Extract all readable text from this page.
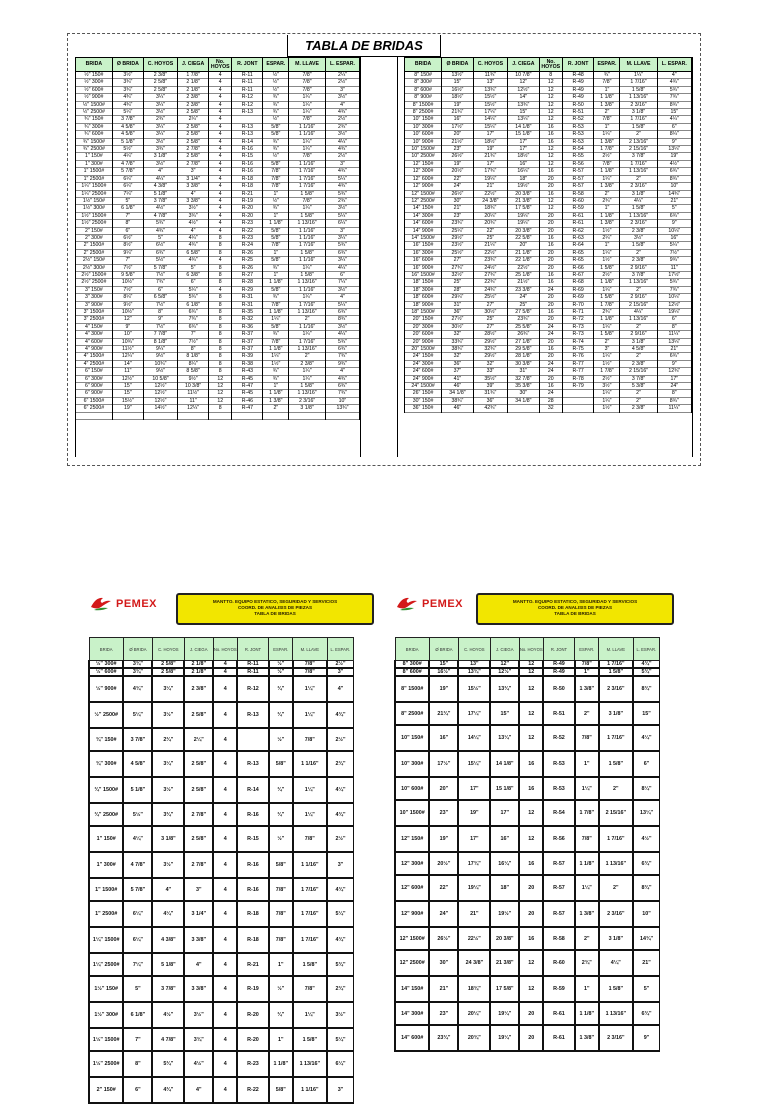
TABLA DE BRIDAS
BRIDA	Ø BRIDA	C. HOYOS	J. CIEGA	No. HOYOS	R. JONT	ESPAR.	M. LLAVE	L. ESPAR.
½" 150#	3½"	2 3/8"	1 7/8"	4	R-11	½"	7/8"	2¼"
½" 300#	3¾"	2 5/8"	2 1/8"	4	R-11	½"	7/8"	2½"
½" 600#	3¾"	2 5/8"	2 1/8"	4	R-11	½"	7/8"	3"
½" 900#	4¾"	3¼"	2 3/8"	4	R-12	¾"	1¼"	3½"
½" 1500#	4¾"	3¼"	2 3/8"	4	R-12	¾"	1¼"	4"
½" 2500#	5¼"	3½"	2 5/8"	4	R-13	¾"	1¼"	4¾"
¾" 150#	3 7/8"	2¾"	2¼"	4		½"	7/8"	2½"
¾" 300#	4 5/8"	3¼"	2 5/8"	4	R-13	5/8"	1 1/16"	2¾"
¾" 600#	4 5/8"	3¼"	2 5/8"	4	R-13	5/8"	1 1/16"	3½"
¾" 1500#	5 1/8"	3½"	2 5/8"	4	R-14	¾"	1¼"	4¼"
¾" 2500#	5½"	3¾"	2 7/8"	4	R-16	¾"	1¼"	4¾"
1" 150#	4¼"	3 1/8"	2 5/8"	4	R-15	½"	7/8"	2½"
1" 300#	4 7/8"	3½"	2 7/8"	4	R-16	5/8"	1 1/16"	3"
1" 1500#	5 7/8"	4"	3"	4	R-16	7/8"	1 7/16"	4¾"
1" 2500#	6¼"	4¼"	3 1/4"	4	R-18	7/8"	1 7/16"	5¼"
1¼" 1500#	6¼"	4 3/8"	3 3/8"	4	R-18	7/8"	1 7/16"	4¾"
1¼" 2500#	7¼"	5 1/8"	4"	4	R-21	1"	1 5/8"	5¾"
1½" 150#	5"	3 7/8"	3 3/8"	4	R-19	½"	7/8"	2¾"
1½" 300#	6 1/8"	4½"	3½"	4	R-20	¾"	1¼"	3½"
1½" 1500#	7"	4 7/8"	3¾"	4	R-20	1"	1 5/8"	5¼"
1½" 2500#	8"	5¾"	4½"	4	R-23	1 1/8"	1 13/16"	6¼"
2" 150#	6"	4¾"	4"	4	R-22	5/8"	1 1/16"	3"
2" 300#	6½"	5"	4¼"	8	R-23	5/8"	1 1/16"	3¼"
2" 1500#	8½"	6½"	4¾"	8	R-24	7/8"	1 7/16"	5¾"
2" 2500#	9¼"	6¾"	6 5/8"	8	R-26	1"	1 5/8"	6¾"
2½" 150#	7"	5½"	4¾"	4	R-25	5/8"	1 1/16"	3¼"
2½" 300#	7½"	5 7/8"	5"	8	R-26	¾"	1¼"	4¼"
2½" 1500#	9 5/8"	7½"	6 3/8"	8	R-27	1"	1 5/8"	6"
2½" 2500#	10½"	7¾"	6"	8	R-28	1 1/8"	1 13/16"	7¼"
3" 150#	7½"	6"	5¼"	4	R-29	5/8"	1 1/16"	3½"
3" 300#	8¼"	6 5/8"	5¾"	8	R-31	¾"	1¼"	4"
3" 900#	9½"	7½"	6 1/8"	8	R-31	7/8"	1 7/16"	5¼"
3" 1500#	10½"	8"	6¾"	8	R-35	1 1/8"	1 13/16"	6¾"
3" 2500#	12"	9"	7¾"	8	R-32	1¼"	2"	8¾"
4" 150#	9"	7½"	6¾"	8	R-36	5/8"	1 1/16"	3½"
4" 300#	10"	7 7/8"	7"	8	R-37	¾"	1¼"	4¼"
4" 600#	10¾"	8 1/8"	7½"	8	R-37	7/8"	1 7/16"	5¾"
4" 900#	11½"	9¼"	8"	8	R-37	1 1/8"	1 13/16"	6¾"
4" 1500#	12¼"	9½"	8 1/8"	8	R-39	1¼"	2"	7¾"
4" 2500#	14"	10¾"	8¼"	8	R-38	1½"	2 3/8"	9¾"
6" 150#	11"	9½"	8 5/8"	8	R-43	¾"	1¼"	4"
6" 300#	12½"	10 5/8"	9½"	12	R-45	¾"	1¼"	4¾"
6" 900#	15"	12½"	10 3/8"	12	R-47	1"	1 5/8"	6¾"
6" 900#	15"	12½"	11½"	12	R-45	1 1/8"	1 13/16"	7¾"
6" 1500#	15½"	12½"	11"	12	R-46	1 3/8"	2 3/16"	10"
6" 2500#	19"	14½"	12¼"	8	R-47	2"	3 1/8"	13¾"

BRIDA	Ø BRIDA	C. HOYOS	J. CIEGA	No. HOYOS	R. JONT	ESPAR.	M. LLAVE	L. ESPAR.
8" 150#	13½"	11¾"	10 7/8"	8	R-48	¾"	1¼"	4"
8" 300#	15"	13"	12"	12	R-49	7/8"	1 7/16"	4¾"
8" 600#	16½"	13¾"	12½"	12	R-49	1"	1 5/8"	5¾"
8" 900#	18½"	15½"	14"	12	R-49	1 1/8"	1 13/16"	7¾"
8" 1500#	19"	15½"	13¾"	12	R-50	1 3/8"	2 3/16"	8¾"
8" 2500#	21¾"	17¼"	15"	12	R-51	2"	3 1/8"	15"
10" 150#	16"	14¼"	13¼"	12	R-52	7/8"	1 7/16"	4¼"
10" 300#	17½"	15¼"	14 1/8"	16	R-53	1"	1 5/8"	6"
10" 600#	20"	17"	15 1/8"	16	R-53	1¼"	2"	8¼"
10" 900#	21½"	18½"	17"	16	R-53	1 3/8"	2 13/16"	9"
10" 1500#	23"	19"	17"	12	R-54	1 7/8"	2 15/16"	13¼"
10" 2500#	26½"	21¾"	18½"	12	R-55	2½"	3 7/8"	19"
12" 150#	19"	17"	16"	12	R-56	7/8"	1 7/16"	4½"
12" 300#	20½"	17¾"	16¼"	16	R-57	1 1/8"	1 13/16"	6¾"
12" 600#	22"	19¼"	18"	20	R-57	1¼"	2"	8¾"
12" 900#	24"	21"	19½"	20	R-57	1 3/8"	2 3/16"	10"
12" 1500#	26½"	22½"	20 3/8"	16	R-58	2"	3 1/8"	14¾"
12" 2500#	30"	24 3/8"	21 3/8"	12	R-60	2¾"	4¼"	21"
14" 150#	21"	18¾"	17 5/8"	12	R-59	1"	1 5/8"	5"
14" 300#	23"	20¼"	19¼"	20	R-61	1 1/8"	1 13/16"	6¾"
14" 600#	23¾"	20¾"	19¼"	20	R-61	1 3/8"	2 3/16"	9"
14" 900#	25¼"	22"	20 3/8"	20	R-62	1½"	2 3/8"	10¼"
14" 1500#	29½"	25"	22 5/8"	16	R-63	2¼"	3½"	16"
16" 150#	23½"	21¼"	20"	16	R-64	1"	1 5/8"	5¼"
16" 300#	25½"	22½"	21 1/8"	20	R-65	1¼"	2"	7½"
16" 600#	27"	23¾"	22 1/8"	20	R-65	1½"	2 3/8"	9¾"
16" 900#	27¾"	24½"	22½"	20	R-66	1 5/8"	2 9/16"	11"
16" 1500#	32½"	27¾"	25 1/8"	16	R-67	2½"	3 7/8"	17½"
18" 150#	25"	22¾"	21½"	16	R-68	1 1/8"	1 13/16"	5¾"
18" 300#	28"	24¾"	23 3/8"	24	R-69	1¼"	2"	7¾"
18" 600#	29¼"	25½"	24"	20	R-69	1 5/8"	2 9/16"	10¼"
18" 900#	31"	27"	25"	20	R-70	1 7/8"	2 15/16"	12½"
18" 1500#	36"	30½"	27 5/8"	16	R-71	2¾"	4¼"	19¼"
20" 150#	27½"	25"	23¾"	20	R-72	1 1/8"	1 13/16"	6"
20" 300#	30½"	27"	25 5/8"	24	R-73	1¼"	2"	8"
20" 600#	32"	28½"	26¾"	24	R-73	1 5/8"	2 9/16"	11¼"
20" 900#	33¾"	29½"	27 1/8"	20	R-74	2"	3 1/8"	13¼"
20" 1500#	38¾"	32¾"	29 5/8"	16	R-75	3"	4 5/8"	21"
24" 150#	32"	29½"	28 1/8"	20	R-76	1¼"	2"	6¾"
24" 300#	36"	32"	30 3/8"	24	R-77	1½"	2 3/8"	9"
24" 600#	37"	33"	31"	24	R-77	1 7/8"	2 15/16"	12¾"
24" 900#	41"	35½"	32 7/8"	20	R-78	2½"	3 7/8"	17"
24" 1500#	46"	39"	35 3/8"	16	R-79	3½"	5 3/8"	24"
26" 150#	34 1/8"	31¾"	30"	24		1¼"	2"	8"
30" 150#	38¾"	36"	34 1/8"	28		1¼"	2"	8¾"
36" 150#	46"	42¾"		32		1½"	2 3/8"	11¼"
PEMEX	MANTTO. EQUIPO ESTATICO, SEGURIDAD Y SERVICIOS
COORD. DE ANALISIS DE PIEZAS
TABLA DE BRIDAS
BRIDA	Ø BRIDA	C. HOYOS	J. CIEGA	No. HOYOS	R. JONT	ESPAR.	M. LLAVE	L. ESPAR.
½" 300#	3¾"	2 5/8"	2 1/8"	4	R-11	½"	7/8"	2½"
½" 600#	3¾"	2 5/8"	2 1/8"	4	R-11	½"	7/8"	3"
½" 900#	4¾"	3¼"	2 3/8"	4	R-12	¾"	1¼"	4"
½" 2500#	5¼"	3½"	2 5/8"	4	R-13	¾"	1¼"	4¾"
¾" 150#	3 7/8"	2¾"	2¼"	4		½"	7/8"	2½"
¾" 300#	4 5/8"	3¼"	2 5/8"	4	R-13	5/8"	1 1/16"	2¾"
¾" 1500#	5 1/8"	3½"	2 5/8"	4	R-14	¾"	1¼"	4¼"
¾" 2500#	5½"	3¾"	2 7/8"	4	R-16	¾"	1¼"	4¾"
1" 150#	4¼"	3 1/8"	2 5/8"	4	R-15	½"	7/8"	2½"
1" 300#	4 7/8"	3½"	2 7/8"	4	R-16	5/8"	1 1/16"	3"
1" 1500#	5 7/8"	4"	3"	4	R-16	7/8"	1 7/16"	4¾"
1" 2500#	6¼"	4¼"	3 1/4"	4	R-18	7/8"	1 7/16"	5¼"
1¼" 1500#	6¼"	4 3/8"	3 3/8"	4	R-18	7/8"	1 7/16"	4¾"
1¼" 2500#	7¼"	5 1/8"	4"	4	R-21	1"	1 5/8"	5¾"
1½" 150#	5"	3 7/8"	3 3/8"	4	R-19	½"	7/8"	2¾"
1½" 300#	6 1/8"	4½"	3½"	4	R-20	¾"	1¼"	3½"
1½" 1500#	7"	4 7/8"	3¾"	4	R-20	1"	1 5/8"	5¼"
1½" 2500#	8"	5¾"	4½"	4	R-23	1 1/8"	1 13/16"	6¼"
2" 150#	6"	4¾"	4"	4	R-22	5/8"	1 1/16"	3"
PEMEX	MANTTO. EQUIPO ESTATICO, SEGURIDAD Y SERVICIOS
COORD. DE ANALISIS DE PIEZAS
TABLA DE BRIDAS
BRIDA	Ø BRIDA	C. HOYOS	J. CIEGA	No. HOYOS	R. JONT	ESPAR.	M. LLAVE	L. ESPAR.
8" 300#	15"	13"	12"	12	R-49	7/8"	1 7/16"	4¾"
8" 600#	16½"	13¾"	12½"	12	R-49	1"	1 5/8"	5¾"
8" 1500#	19"	15½"	13¾"	12	R-50	1 3/8"	2 3/16"	8¾"
8" 2500#	21¾"	17¼"	15"	12	R-51	2"	3 1/8"	15"
10" 150#	16"	14¼"	13¼"	12	R-52	7/8"	1 7/16"	4¼"
10" 300#	17½"	15¼"	14 1/8"	16	R-53	1"	1 5/8"	6"
10" 600#	20"	17"	15 1/8"	16	R-53	1¼"	2"	8¼"
10" 1500#	23"	19"	17"	12	R-54	1 7/8"	2 15/16"	13¼"
12" 150#	19"	17"	16"	12	R-56	7/8"	1 7/16"	4½"
12" 300#	20½"	17¾"	16¼"	16	R-57	1 1/8"	1 13/16"	6¾"
12" 600#	22"	19¼"	18"	20	R-57	1¼"	2"	8¾"
12" 900#	24"	21"	19½"	20	R-57	1 3/8"	2 3/16"	10"
12" 1500#	26½"	22½"	20 3/8"	16	R-58	2"	3 1/8"	14¾"
12" 2500#	30"	24 3/8"	21 3/8"	12	R-60	2¾"	4¼"	21"
14" 150#	21"	18¾"	17 5/8"	12	R-59	1"	1 5/8"	5"
14" 300#	23"	20¼"	19¼"	20	R-61	1 1/8"	1 13/16"	6¾"
14" 600#	23¾"	20¾"	19¼"	20	R-61	1 3/8"	2 3/16"	9"
